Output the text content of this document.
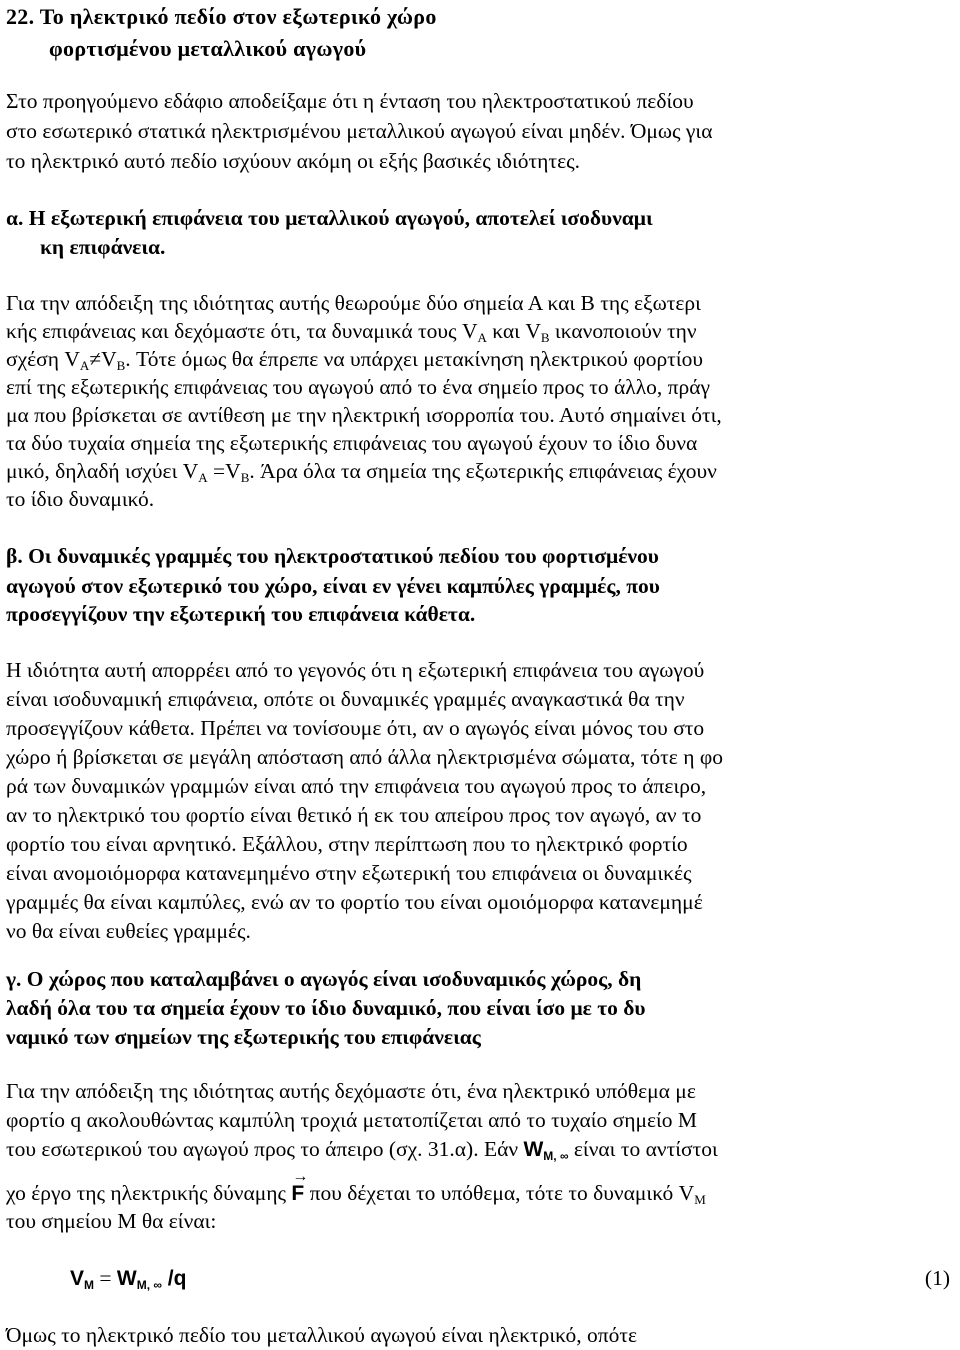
22. Το ηλεκτρικό πεδίο στον εξωτερικό χώρο
φορτισμένου μεταλλικού αγωγού
Στο προηγούμενο εδάφιο αποδείξαμε ότι η ένταση του ηλεκτροστατικού πεδίου
στο εσωτερικό στατικά ηλεκτρισμένου μεταλλικού αγωγού είναι μηδέν. Όμως για
το ηλεκτρικό αυτό πεδίο ισχύουν ακόμη οι εξής βασικές ιδιότητες.
α. Η εξωτερική επιφάνεια του μεταλλικού αγωγού, αποτελεί ισοδυναμι
κη επιφάνεια.
Για την απόδειξη της ιδιότητας αυτής θεωρούμε δύο σημεία Α και Β της εξωτερι
κής επιφάνειας και δεχόμαστε ότι, τα δυναμικά τους $V_A$ και $V_B$ ικανοποιούν την
σχέση $V_A\ne V_B$. Τότε όμως θα έπρεπε να υπάρχει μετακίνηση ηλεκτρικού φορτίου
επί της εξωτερικής επιφάνειας του αγωγού από το ένα σημείο προς το άλλο, πράγ
μα που βρίσκεται σε αντίθεση με την ηλεκτρική ισορροπία του. Αυτό σημαίνει ότι,
τα δύο τυχαία σημεία της εξωτερικής επιφάνειας του αγωγού έχουν το ίδιο δυνα
μικό, δηλαδή ισχύει $V_A =V_B$. Άρα όλα τα σημεία της εξωτερικής επιφάνειας έχουν
το ίδιο δυναμικό.
β. Οι δυναμικές γραμμές του ηλεκτροστατικού πεδίου του φορτισμένου
αγωγού στον εξωτερικό του χώρο, είναι εν γένει καμπύλες γραμμές, που
προσεγγίζουν την εξωτερική του επιφάνεια κάθετα.
Η ιδιότητα αυτή απορρέει από το γεγονός ότι η εξωτερική επιφάνεια του αγωγού
είναι ισοδυναμική επιφάνεια, οπότε οι δυναμικές γραμμές αναγκαστικά θα την
προσεγγίζουν κάθετα. Πρέπει να τονίσουμε ότι, αν ο αγωγός είναι μόνος του στο
χώρο ή βρίσκεται σε μεγάλη απόσταση από άλλα ηλεκτρισμένα σώματα, τότε η φο
ρά των δυναμικών γραμμών είναι από την επιφάνεια του αγωγού προς το άπειρο,
αν το ηλεκτρικό του φορτίο είναι θετικό ή εκ του απείρου προς τον αγωγό, αν το
φορτίο του είναι αρνητικό. Εξάλλου, στην περίπτωση που το ηλεκτρικό φορτίο
είναι ανομοιόμορφα κατανεμημένο στην εξωτερική του επιφάνεια οι δυναμικές
γραμμές θα είναι καμπύλες, ενώ αν το φορτίο του είναι ομοιόμορφα κατανεμημέ
νο θα είναι ευθείες γραμμές.
γ. Ο χώρος που καταλαμβάνει ο αγωγός είναι ισοδυναμικός χώρος, δη
λαδή όλα του τα σημεία έχουν το ίδιο δυναμικό, που είναι ίσο με το δυ
ναμικό των σημείων της εξωτερικής του επιφάνειας
Για την απόδειξη της ιδιότητας αυτής δεχόμαστε ότι, ένα ηλεκτρικό υπόθεμα με
φορτίο q ακολουθώντας καμπύλη τροχιά μετατοπίζεται από το τυχαίο σημείο Μ
του εσωτερικού του αγωγού προς το άπειρο (σχ. 31.α). Εάν $W_{M, \infty}$ είναι το αντίστοι
χο έργο της ηλεκτρικής δύναμης → F που δέχεται το υπόθεμα, τότε το δυναμικό $V_M$
του σημείου Μ θα είναι:
$V_M = W_{M, \infty}$ /q	(1)
Όμως το ηλεκτρικό πεδίο του μεταλλικού αγωγού είναι ηλεκτρικό, οπότε
